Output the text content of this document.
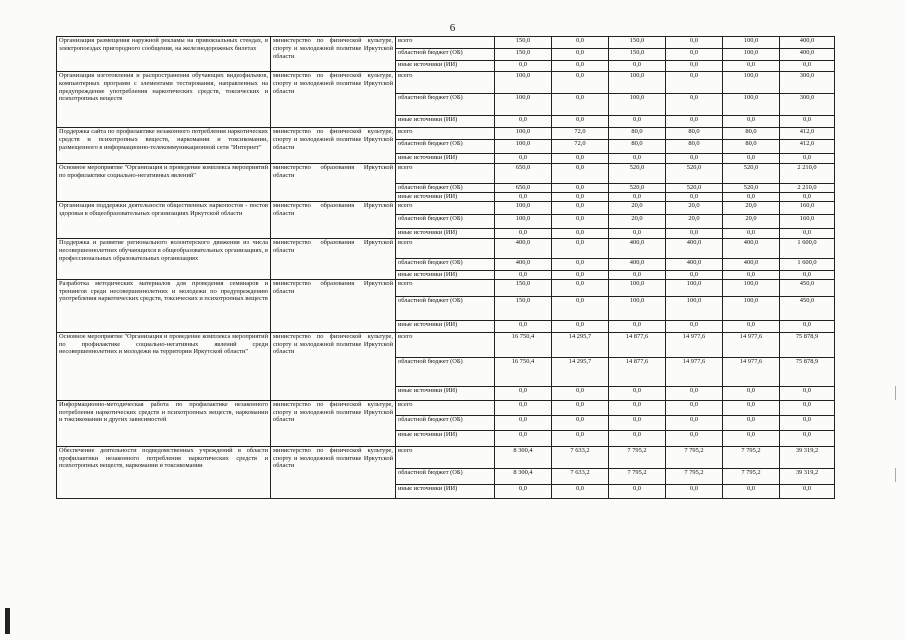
6
Организация размещения наружной рекламы на привокзальных стендах, в электропоездах пригородного сообщения, на железнодорожных билетах	министерство по физической культуре, спорту и молодежной политике Иркутской области	всего	150,0	0,0	150,0	0,0	100,0	400,0
		областной бюджет (ОБ)	150,0	0,0	150,0	0,0	100,0	400,0
		иные источники (ИИ)	0,0	0,0	0,0	0,0	0,0	0,0
Организация изготовления и распространения обучающих видеофильмов, компьютерных программ с элементами тестирования, направленных на предупреждение употребления наркотических средств, токсических и психотропных веществ	министерство по физической культуре, спорту и молодежной политике Иркутской области	всего	100,0	0,0	100,0	0,0	100,0	300,0
		областной бюджет (ОБ)	100,0	0,0	100,0	0,0	100,0	300,0
		иные источники (ИИ)	0,0	0,0	0,0	0,0	0,0	0,0
Поддержка сайта по профилактике незаконного потребления наркотических средств и психотропных веществ, наркомании и токсикомании, размещенного в информационно-телекоммуникационной сети "Интернет"	министерство по физической культуре, спорту и молодежной политике Иркутской области	всего	100,0	72,0	80,0	80,0	80,0	412,0
		областной бюджет (ОБ)	100,0	72,0	80,0	80,0	80,0	412,0
		иные источники (ИИ)	0,0	0,0	0,0	0,0	0,0	0,0
Основное мероприятие "Организация и проведение комплекса мероприятий по профилактике социально-негативных явлений"	министерство образования Иркутской области	всего	650,0	0,0	520,0	520,0	520,0	2 210,0
		областной бюджет (ОБ)	650,0	0,0	520,0	520,0	520,0	2 210,0
		иные источники (ИИ)	0,0	0,0	0,0	0,0	0,0	0,0
Организация поддержки деятельности общественных наркопостов - постов здоровья в общеобразовательных организациях Иркутской области	министерство образования Иркутской области	всего	100,0	0,0	20,0	20,0	20,0	160,0
		областной бюджет (ОБ)	100,0	0,0	20,0	20,0	20,0	160,0
		иные источники (ИИ)	0,0	0,0	0,0	0,0	0,0	0,0
Поддержка и развитие регионального волонтерского движения из числа несовершеннолетних обучающихся в общеобразовательных организациях, в профессиональных образовательных организациях	министерство образования Иркутской области	всего	400,0	0,0	400,0	400,0	400,0	1 600,0
		областной бюджет (ОБ)	400,0	0,0	400,0	400,0	400,0	1 600,0
		иные источники (ИИ)	0,0	0,0	0,0	0,0	0,0	0,0
Разработка методических материалов для проведения семинаров и тренингов среди несовершеннолетних и молодежи по предупреждению употребления наркотических средств, токсических и психотропных веществ	министерство образования Иркутской области	всего	150,0	0,0	100,0	100,0	100,0	450,0
		областной бюджет (ОБ)	150,0	0,0	100,0	100,0	100,0	450,0
		иные источники (ИИ)	0,0	0,0	0,0	0,0	0,0	0,0
Основное мероприятие "Организация и проведение комплекса мероприятий по профилактике социально-негативных явлений среди несовершеннолетних и молодежи на территории Иркутской области"	министерство по физической культуре, спорту и молодежной политике Иркутской области	всего	16 750,4	14 295,7	14 877,6	14 977,6	14 977,6	75 878,9
		областной бюджет (ОБ)	16 750,4	14 295,7	14 877,6	14 977,6	14 977,6	75 878,9
		иные источники (ИИ)	0,0	0,0	0,0	0,0	0,0	0,0
Информационно-методическая работа по профилактике незаконного потребления наркотических средств и психотропных веществ, наркомании и токсикомании и других зависимостей	министерство по физической культуре, спорту и молодежной политике Иркутской области	всего	0,0	0,0	0,0	0,0	0,0	0,0
		областной бюджет (ОБ)	0,0	0,0	0,0	0,0	0,0	0,0
		иные источники (ИИ)	0,0	0,0	0,0	0,0	0,0	0,0
Обеспечение деятельности подведомственных учреждений в области профилактики незаконного потребления наркотических средств и психотропных веществ, наркомании и токсикомании	министерство по физической культуре, спорту и молодежной политике Иркутской области	всего	8 300,4	7 633,2	7 795,2	7 795,2	7 795,2	39 319,2
		областной бюджет (ОБ)	8 300,4	7 633,2	7 795,2	7 795,2	7 795,2	39 319,2
		иные источники (ИИ)	0,0	0,0	0,0	0,0	0,0	0,0
